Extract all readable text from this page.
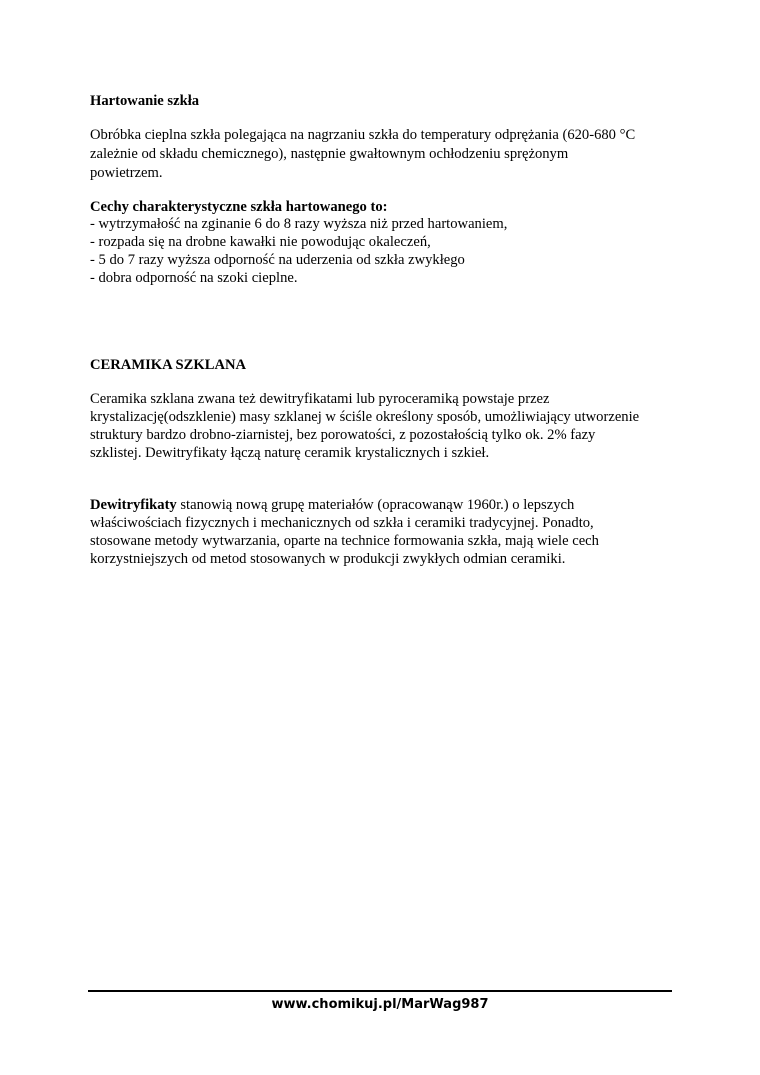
Hartowanie szkła
Obróbka cieplna szkła polegająca na nagrzaniu szkła do temperatury odprężania (620-680 °C
zależnie od składu chemicznego), następnie gwałtownym ochłodzeniu sprężonym
powietrzem.
Cechy charakterystyczne szkła hartowanego to:
- wytrzymałość na zginanie 6 do 8 razy wyższa niż przed hartowaniem,
- rozpada się na drobne kawałki nie powodując okaleczeń,
- 5 do 7 razy wyższa odporność na uderzenia od szkła zwykłego
- dobra odporność na szoki cieplne.
CERAMIKA SZKLANA
Ceramika szklana zwana też dewitryfikatami lub pyroceramiką powstaje przez
krystalizację(odszklenie) masy szklanej w ściśle określony sposób, umożliwiający utworzenie
struktury bardzo drobno-ziarnistej, bez porowatości, z pozostałością tylko ok. 2% fazy
szklistej. Dewitryfikaty łączą naturę ceramik krystalicznych i szkieł.
Dewitryfikaty stanowią nową grupę materiałów (opracowanąw 1960r.) o lepszych
właściwościach fizycznych i mechanicznych od szkła i ceramiki tradycyjnej. Ponadto,
stosowane metody wytwarzania, oparte na technice formowania szkła, mają wiele cech
korzystniejszych od metod stosowanych w produkcji zwykłych odmian ceramiki.
www.chomikuj.pl/MarWag987
